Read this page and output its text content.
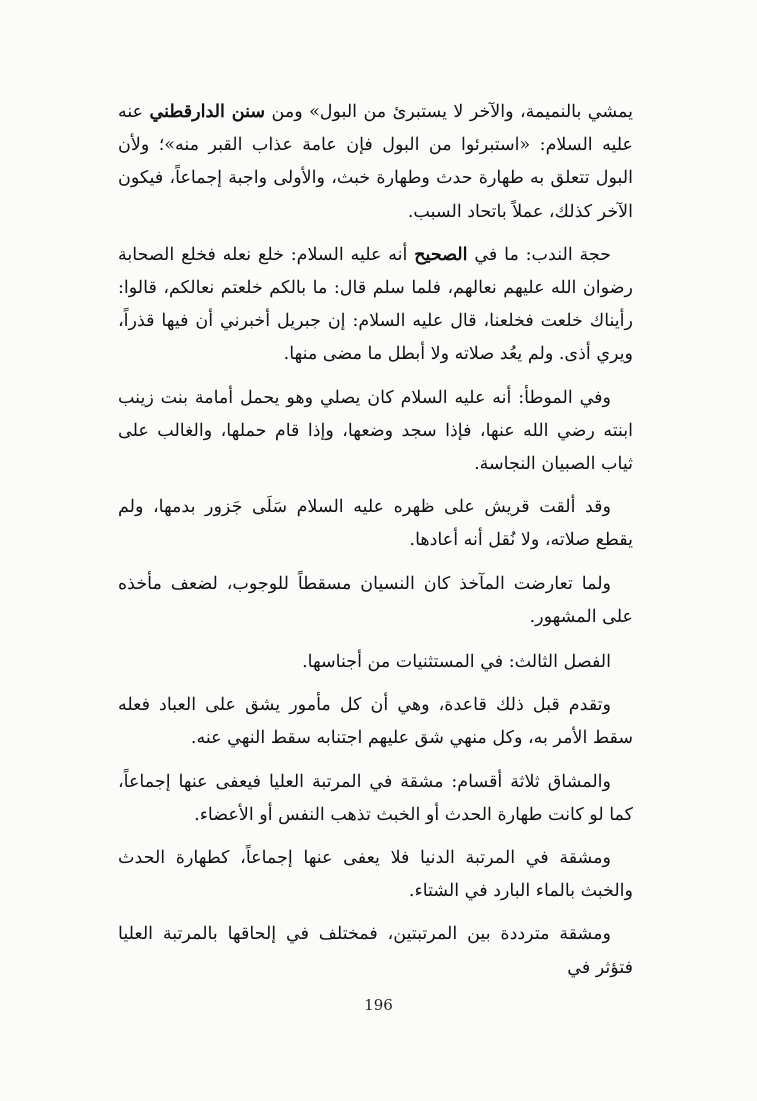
يمشي بالنميمة، والآخر لا يستبرئ من البول» ومن سنن الدارقطني عنه عليه السلام: «استبرئوا من البول فإن عامة عذاب القبر منه»؛ ولأن البول تتعلق به طهارة حدث وطهارة خبث، والأولى واجبة إجماعاً، فيكون الآخر كذلك، عملاً باتحاد السبب.

حجة الندب: ما في الصحيح أنه عليه السلام: خلع نعله فخلع الصحابة رضوان الله عليهم نعالهم، فلما سلم قال: ما بالكم خلعتم نعالكم، قالوا: رأيناك خلعت فخلعنا، قال عليه السلام: إن جبريل أخبرني أن فيها قذراً، ويري أذى. ولم يعُد صلاته ولا أبطل ما مضى منها.

وفي الموطأ: أنه عليه السلام كان يصلي وهو يحمل أمامة بنت زينب ابنته رضي الله عنها، فإذا سجد وضعها، وإذا قام حملها، والغالب على ثياب الصبيان النجاسة.

وقد ألقت قريش على ظهره عليه السلام سَلَى جَزور بدمها، ولم يقطع صلاته، ولا نُقل أنه أعادها.

ولما تعارضت المآخذ كان النسيان مسقطاً للوجوب، لضعف مأخذه على المشهور.

الفصل الثالث: في المستثنيات من أجناسها.

وتقدم قبل ذلك قاعدة، وهي أن كل مأمور يشق على العباد فعله سقط الأمر به، وكل منهي شق عليهم اجتنابه سقط النهي عنه.

والمشاق ثلاثة أقسام: مشقة في المرتبة العليا فيعفى عنها إجماعاً، كما لو كانت طهارة الحدث أو الخبث تذهب النفس أو الأعضاء.

ومشقة في المرتبة الدنيا فلا يعفى عنها إجماعاً، كطهارة الحدث والخبث بالماء البارد في الشتاء.

ومشقة مترددة بين المرتبتين، فمختلف في إلحاقها بالمرتبة العليا فتؤثر في

196
